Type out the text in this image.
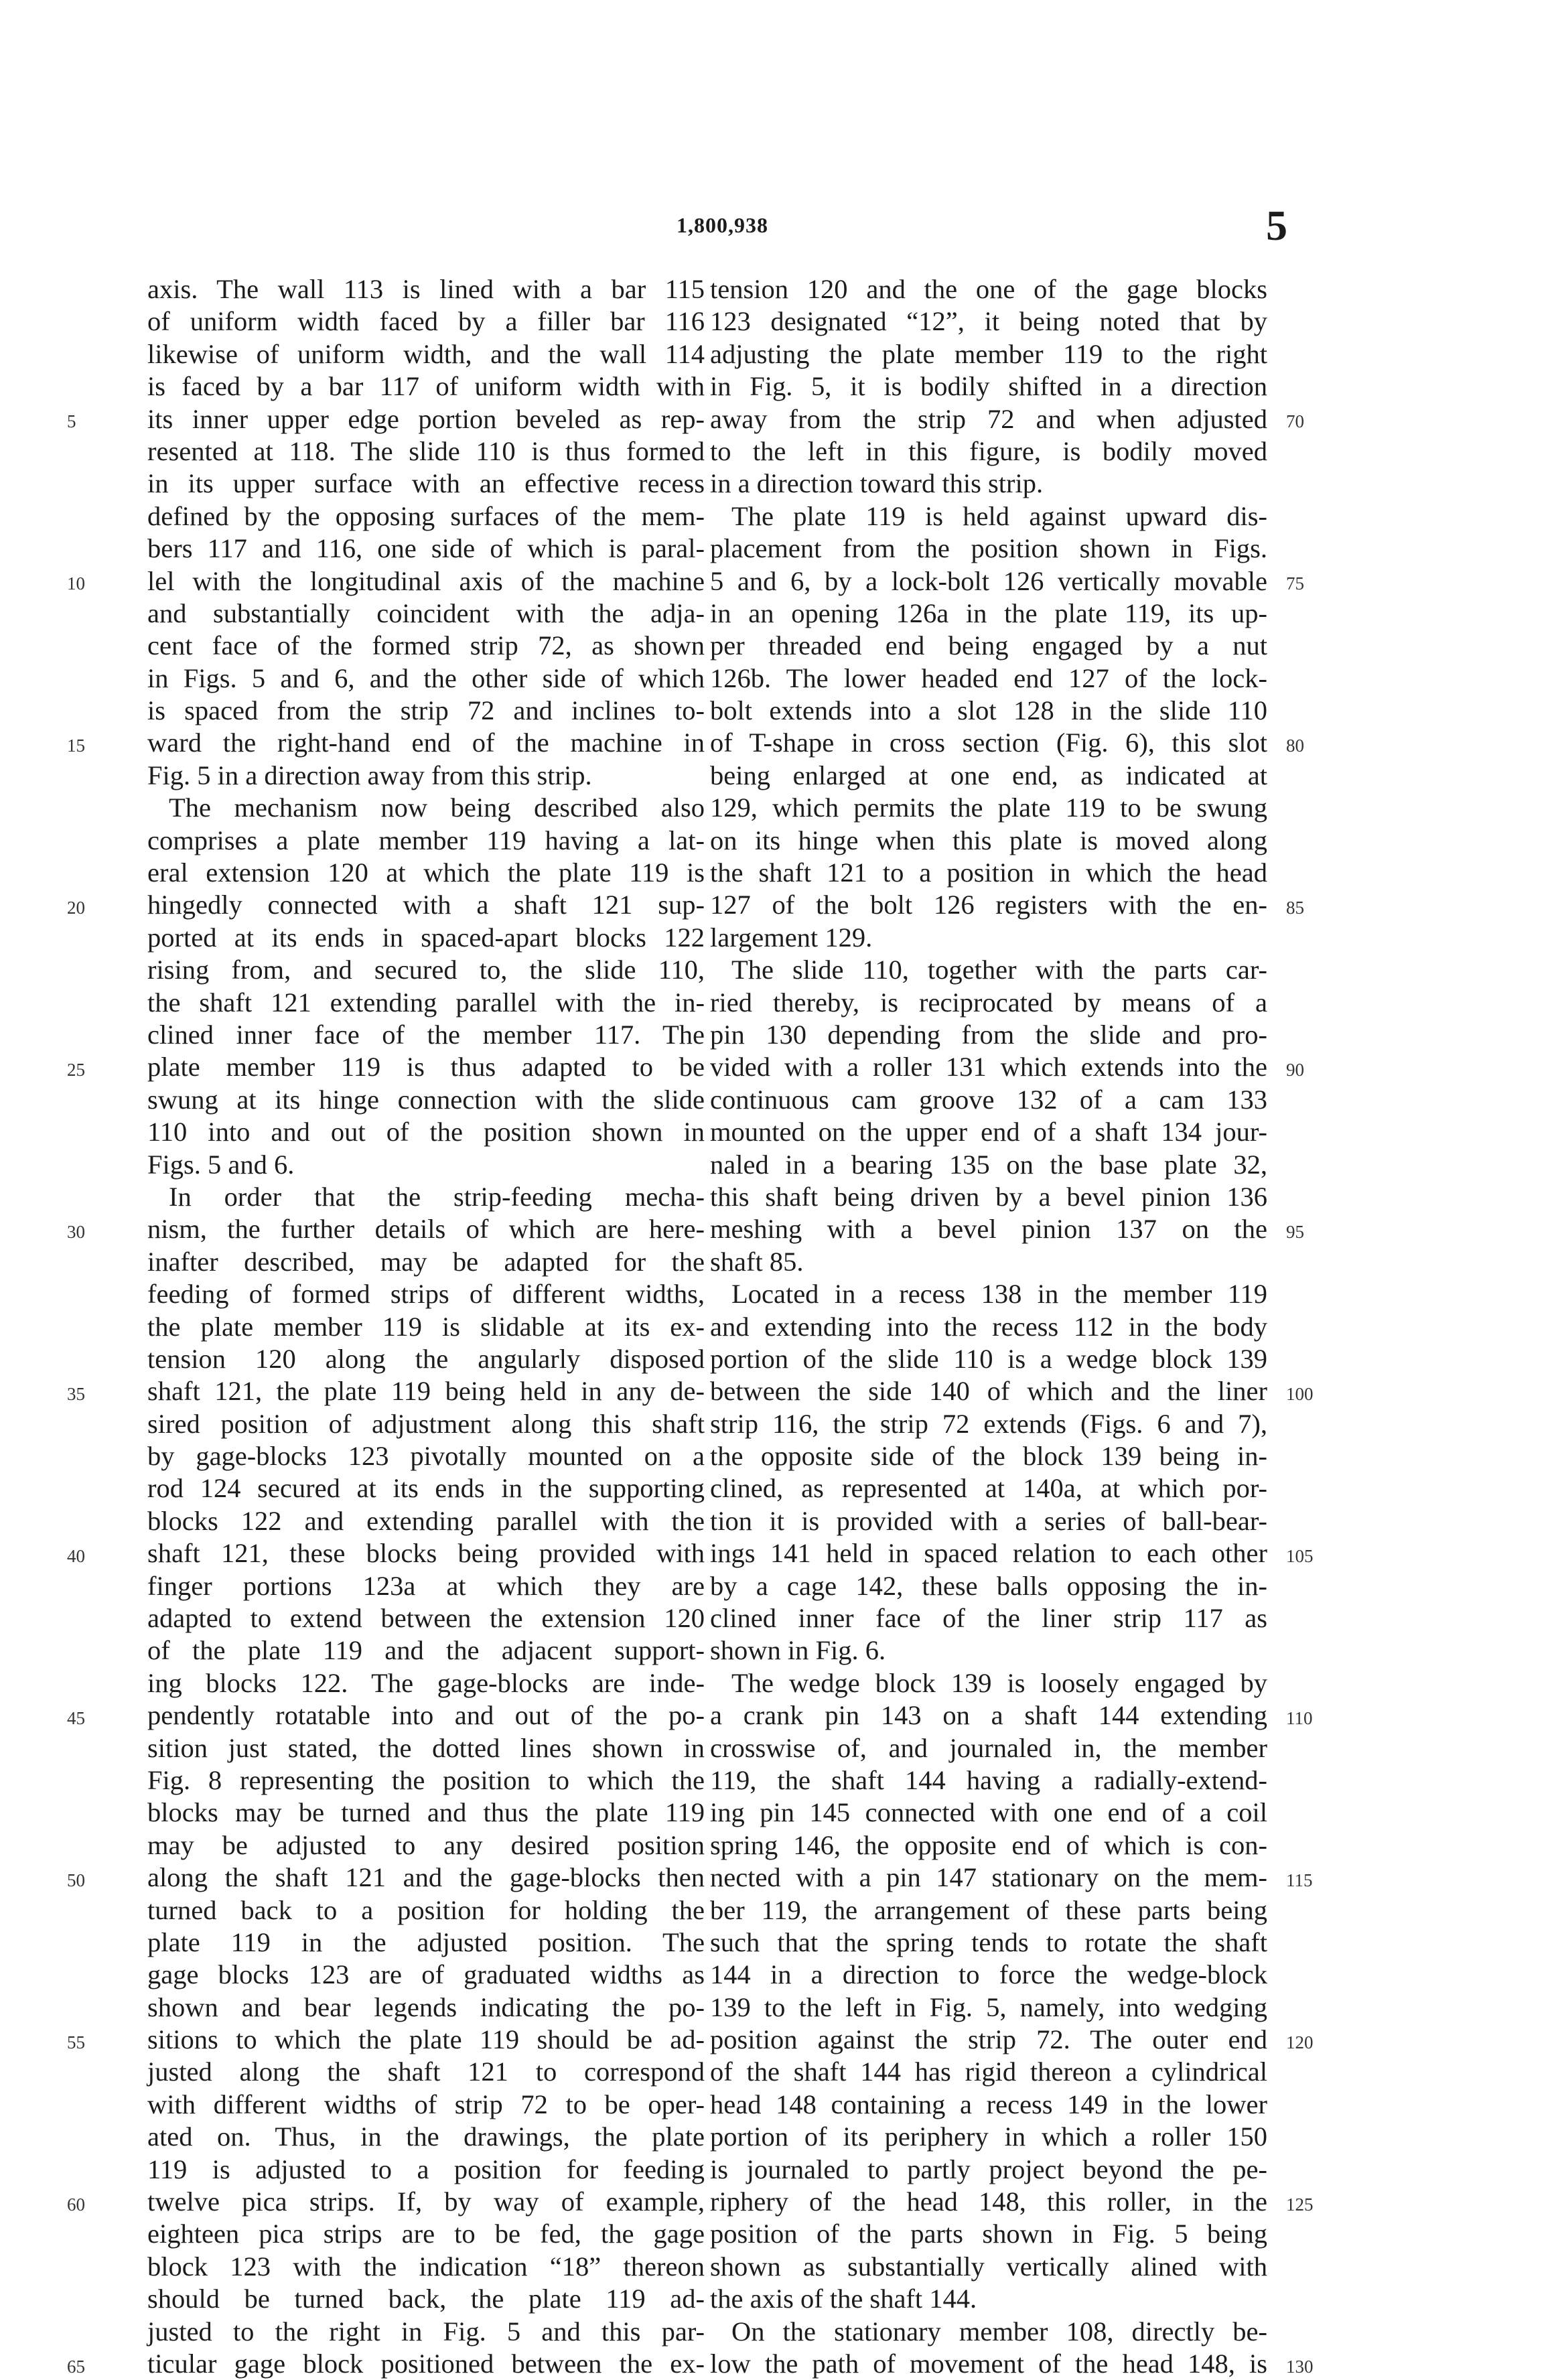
1,800,938	5
axis. The wall 113 is lined with a bar 115
of uniform width faced by a filler bar 116
likewise of uniform width, and the wall 114
is faced by a bar 117 of uniform width with
its inner upper edge portion beveled as rep-
resented at 118. The slide 110 is thus formed
in its upper surface with an effective recess
defined by the opposing surfaces of the mem-
bers 117 and 116, one side of which is paral-
lel with the longitudinal axis of the machine
and substantially coincident with the adja-
cent face of the formed strip 72, as shown
in Figs. 5 and 6, and the other side of which
is spaced from the strip 72 and inclines to-
ward the right-hand end of the machine in
Fig. 5 in a direction away from this strip.
The mechanism now being described also
comprises a plate member 119 having a lat-
eral extension 120 at which the plate 119 is
hingedly connected with a shaft 121 sup-
ported at its ends in spaced-apart blocks 122
rising from, and secured to, the slide 110,
the shaft 121 extending parallel with the in-
clined inner face of the member 117. The
plate member 119 is thus adapted to be
swung at its hinge connection with the slide
110 into and out of the position shown in
Figs. 5 and 6.
In order that the strip-feeding mecha-
nism, the further details of which are here-
inafter described, may be adapted for the
feeding of formed strips of different widths,
the plate member 119 is slidable at its ex-
tension 120 along the angularly disposed
shaft 121, the plate 119 being held in any de-
sired position of adjustment along this shaft
by gage-blocks 123 pivotally mounted on a
rod 124 secured at its ends in the supporting
blocks 122 and extending parallel with the
shaft 121, these blocks being provided with
finger portions 123a at which they are
adapted to extend between the extension 120
of the plate 119 and the adjacent support-
ing blocks 122. The gage-blocks are inde-
pendently rotatable into and out of the po-
sition just stated, the dotted lines shown in
Fig. 8 representing the position to which the
blocks may be turned and thus the plate 119
may be adjusted to any desired position
along the shaft 121 and the gage-blocks then
turned back to a position for holding the
plate 119 in the adjusted position. The
gage blocks 123 are of graduated widths as
shown and bear legends indicating the po-
sitions to which the plate 119 should be ad-
justed along the shaft 121 to correspond
with different widths of strip 72 to be oper-
ated on. Thus, in the drawings, the plate
119 is adjusted to a position for feeding
twelve pica strips. If, by way of example,
eighteen pica strips are to be fed, the gage
block 123 with the indication “18” thereon
should be turned back, the plate 119 ad-
justed to the right in Fig. 5 and this par-
ticular gage block positioned between the ex-
tension 120 and the one of the gage blocks
123 designated “12”, it being noted that by
adjusting the plate member 119 to the right
in Fig. 5, it is bodily shifted in a direction
away from the strip 72 and when adjusted
to the left in this figure, is bodily moved
in a direction toward this strip.
The plate 119 is held against upward dis-
placement from the position shown in Figs.
5 and 6, by a lock-bolt 126 vertically movable
in an opening 126a in the plate 119, its up-
per threaded end being engaged by a nut
126b. The lower headed end 127 of the lock-
bolt extends into a slot 128 in the slide 110
of T-shape in cross section (Fig. 6), this slot
being enlarged at one end, as indicated at
129, which permits the plate 119 to be swung
on its hinge when this plate is moved along
the shaft 121 to a position in which the head
127 of the bolt 126 registers with the en-
largement 129.
The slide 110, together with the parts car-
ried thereby, is reciprocated by means of a
pin 130 depending from the slide and pro-
vided with a roller 131 which extends into the
continuous cam groove 132 of a cam 133
mounted on the upper end of a shaft 134 jour-
naled in a bearing 135 on the base plate 32,
this shaft being driven by a bevel pinion 136
meshing with a bevel pinion 137 on the
shaft 85.
Located in a recess 138 in the member 119
and extending into the recess 112 in the body
portion of the slide 110 is a wedge block 139
between the side 140 of which and the liner
strip 116, the strip 72 extends (Figs. 6 and 7),
the opposite side of the block 139 being in-
clined, as represented at 140a, at which por-
tion it is provided with a series of ball-bear-
ings 141 held in spaced relation to each other
by a cage 142, these balls opposing the in-
clined inner face of the liner strip 117 as
shown in Fig. 6.
The wedge block 139 is loosely engaged by
a crank pin 143 on a shaft 144 extending
crosswise of, and journaled in, the member
119, the shaft 144 having a radially-extend-
ing pin 145 connected with one end of a coil
spring 146, the opposite end of which is con-
nected with a pin 147 stationary on the mem-
ber 119, the arrangement of these parts being
such that the spring tends to rotate the shaft
144 in a direction to force the wedge-block
139 to the left in Fig. 5, namely, into wedging
position against the strip 72. The outer end
of the shaft 144 has rigid thereon a cylindrical
head 148 containing a recess 149 in the lower
portion of its periphery in which a roller 150
is journaled to partly project beyond the pe-
riphery of the head 148, this roller, in the
position of the parts shown in Fig. 5 being
shown as substantially vertically alined with
the axis of the shaft 144.
On the stationary member 108, directly be-
low the path of movement of the head 148, is
5
10
15
20
25
30
35
40
45
50
55
60
65
70
75
80
85
90
95
100
105
110
115
120
125
130
